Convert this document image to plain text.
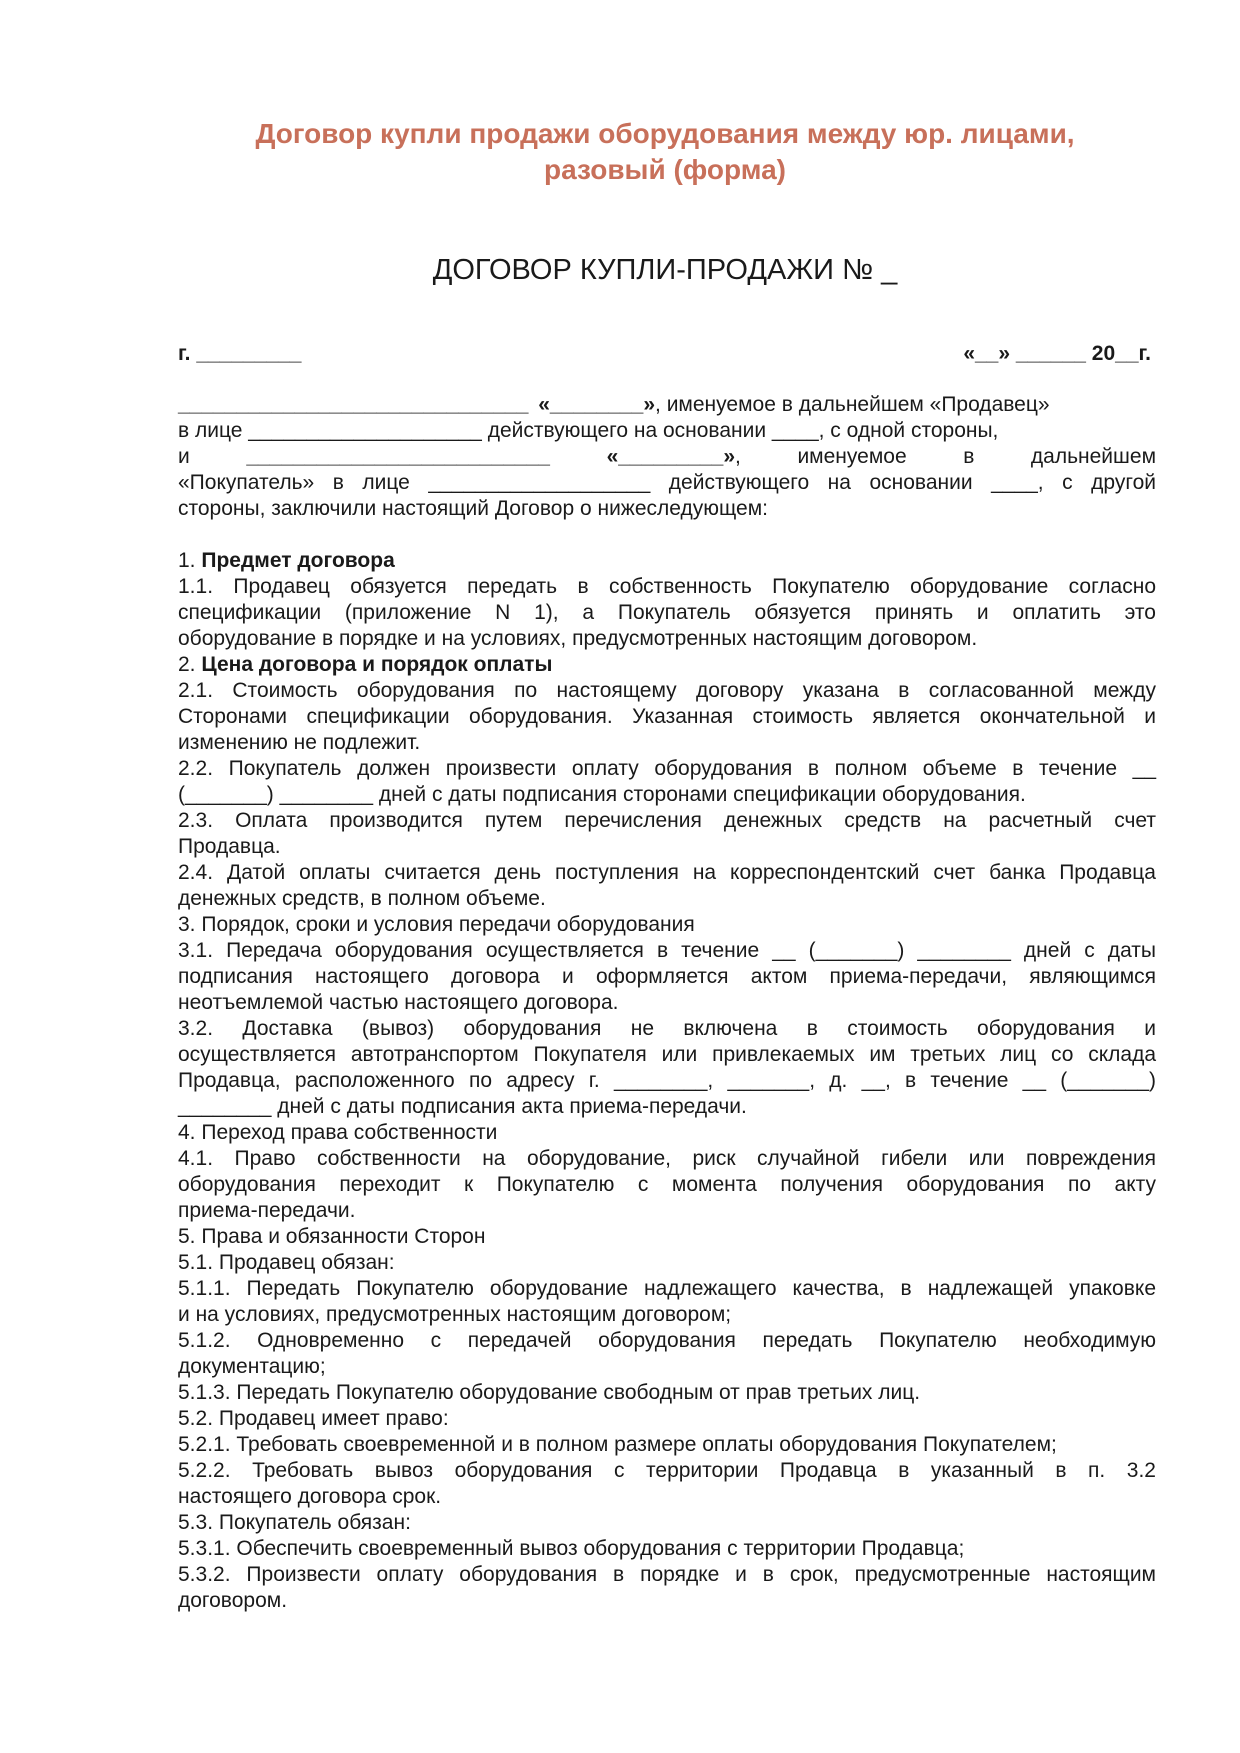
Договор купли продажи оборудования между юр. лицами,
разовый (форма)
ДОГОВОР КУПЛИ-ПРОДАЖИ № _
г. _________	«__» ______ 20__г.
______________________________ «________», именуемое в дальнейшем «Продавец»
в лице ____________________ действующего на основании ____, с одной стороны,
и	__________________________	«_________», именуемое в дальнейшем
«Покупатель» в лице ___________________ действующего на основании ____, с другой
стороны, заключили настоящий Договор о нижеследующем:
1. Предмет договора
1.1. Продавец обязуется передать в собственность Покупателю оборудование согласно
спецификации (приложение N 1), а Покупатель обязуется принять и оплатить это
оборудование в порядке и на условиях, предусмотренных настоящим договором.
2. Цена договора и порядок оплаты
2.1. Стоимость оборудования по настоящему договору указана в согласованной между
Сторонами спецификации оборудования. Указанная стоимость является окончательной и
изменению не подлежит.
2.2. Покупатель должен произвести оплату оборудования в полном объеме в течение __
(_______) ________ дней с даты подписания сторонами спецификации оборудования.
2.3. Оплата производится путем перечисления денежных средств на расчетный счет
Продавца.
2.4. Датой оплаты считается день поступления на корреспондентский счет банка Продавца
денежных средств, в полном объеме.
3. Порядок, сроки и условия передачи оборудования
3.1. Передача оборудования осуществляется в течение __ (_______) ________ дней с даты
подписания настоящего договора и оформляется актом приема-передачи, являющимся
неотъемлемой частью настоящего договора.
3.2. Доставка (вывоз) оборудования не включена в стоимость оборудования и
осуществляется автотранспортом Покупателя или привлекаемых им третьих лиц со склада
Продавца, расположенного по адресу г. ________, _______, д. __, в течение __ (_______)
________ дней с даты подписания акта приема-передачи.
4. Переход права собственности
4.1. Право собственности на оборудование, риск случайной гибели или повреждения
оборудования переходит к Покупателю с момента получения оборудования по акту
приема-передачи.
5. Права и обязанности Сторон
5.1. Продавец обязан:
5.1.1. Передать Покупателю оборудование надлежащего качества, в надлежащей упаковке
и на условиях, предусмотренных настоящим договором;
5.1.2. Одновременно с передачей оборудования передать Покупателю необходимую
документацию;
5.1.3. Передать Покупателю оборудование свободным от прав третьих лиц.
5.2. Продавец имеет право:
5.2.1. Требовать своевременной и в полном размере оплаты оборудования Покупателем;
5.2.2. Требовать вывоз оборудования с территории Продавца в указанный в п. 3.2
настоящего договора срок.
5.3. Покупатель обязан:
5.3.1. Обеспечить своевременный вывоз оборудования с территории Продавца;
5.3.2. Произвести оплату оборудования в порядке и в срок, предусмотренные настоящим
договором.
